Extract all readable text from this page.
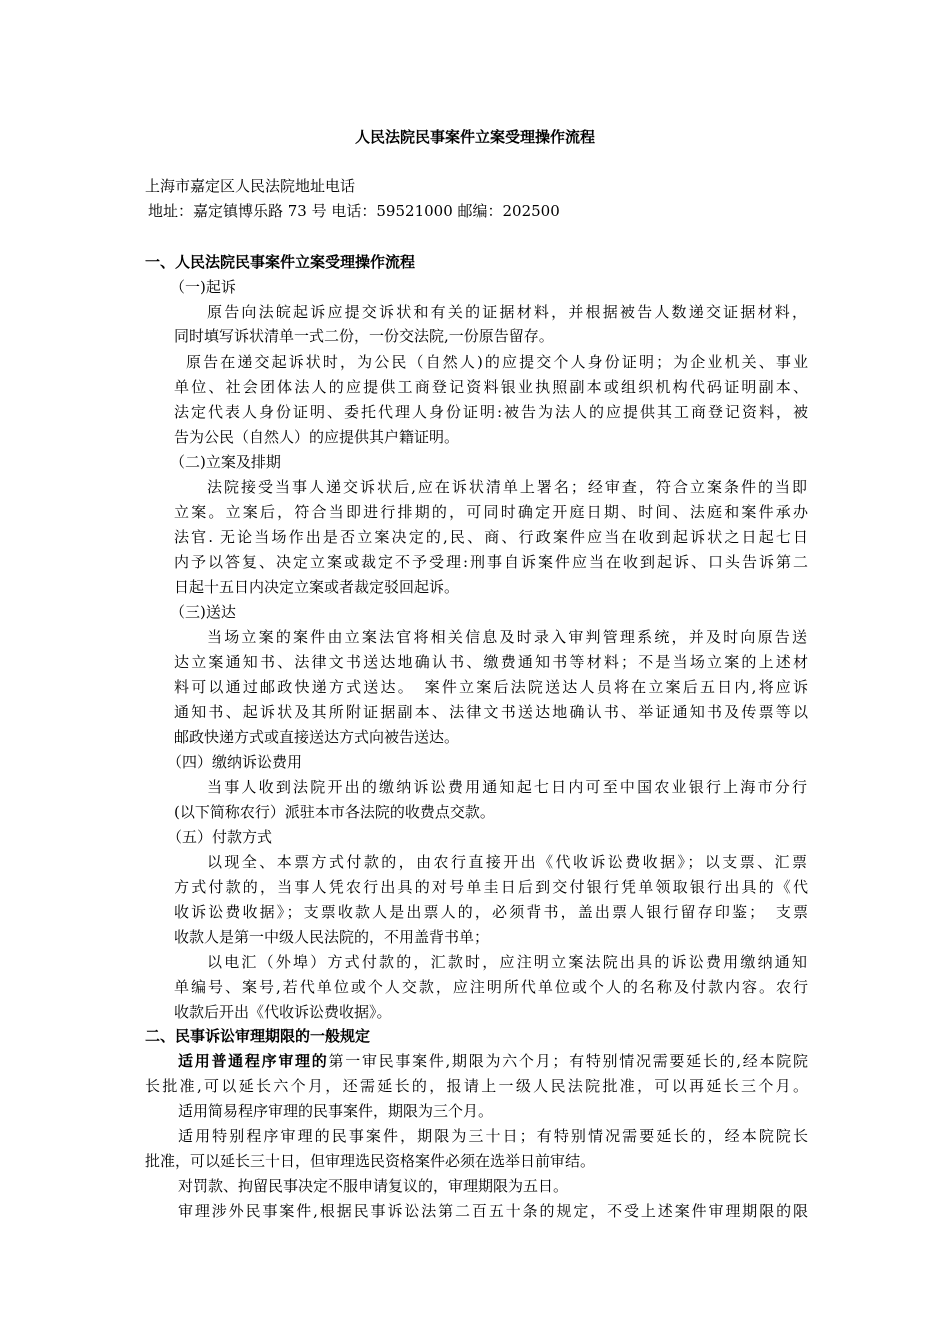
人民法院民事案件立案受理操作流程
上海市嘉定区人民法院地址电话
地址：嘉定镇博乐路 73 号 电话：59521000 邮编：202500
一、人民法院民事案件立案受理操作流程
（一)起诉
原告向法皖起诉应提交诉状和有关的证据材料，并根据被告人数递交证据材料，
同时填写诉状清单一式二份，一份交法院,一份原告留存。
原告在递交起诉状时，为公民（自然人)的应提交个人身份证明；为企业机关、事业
单位、社会团体法人的应提供工商登记资料银业执照副本或组织机构代码证明副本、
法定代表人身份证明、委托代理人身份证明:被告为法人的应提供其工商登记资料，被
告为公民（自然人）的应提供其户籍证明。
（二)立案及排期
法院接受当事人递交诉状后,应在诉状清单上署名；经审查，符合立案条件的当即
立案。立案后，符合当即进行排期的，可同时确定开庭日期、时间、法庭和案件承办
法官. 无论当场作出是否立案决定的,民、商、行政案件应当在收到起诉状之日起七日
内予以答复、决定立案或裁定不予受理:刑事自诉案件应当在收到起诉、口头告诉第二
日起十五日内决定立案或者裁定驳回起诉。
（三)送达
当场立案的案件由立案法官将相关信息及时录入审判管理系统，并及时向原告送
达立案通知书、法律文书送达地确认书、缴费通知书等材料；不是当场立案的上述材
料可以通过邮政快递方式送达。　案件立案后法院送达人员将在立案后五日内,将应诉
通知书、起诉状及其所附证据副本、法律文书送达地确认书、举证通知书及传票等以
邮政快递方式或直接送达方式向被告送达。
（四）缴纳诉讼费用
当事人收到法院开出的缴纳诉讼费用通知起七日内可至中国农业银行上海市分行
(以下简称农行）派驻本市各法院的收费点交款。
（五）付款方式
以现全、本票方式付款的，由农行直接开出《代收诉讼费收据》；以支票、汇票
方式付款的，当事人凭农行出具的对号单圭日后到交付银行凭单领取银行出具的《代
收诉讼费收据》；支票收款人是出票人的，必须背书，盖出票人银行留存印鉴；　支票
收款人是第一中级人民法院的，不用盖背书单；
以电汇（外埠）方式付款的，汇款时，应注明立案法院出具的诉讼费用缴纳通知
单编号、案号,若代单位或个人交款，应注明所代单位或个人的名称及付款内容。农行
收款后开出《代收诉讼费收据》。
二、民事诉讼审理期限的一般规定
适用普通程序审理的第一审民事案件,期限为六个月；有特别情况需要延长的,经本院院
长批准,可以延长六个月，还需延长的，报请上一级人民法院批准，可以再延长三个月。
适用简易程序审理的民事案件，期限为三个月。
适用特别程序审理的民事案件，期限为三十日；有特别情况需要延长的，经本院院长
批准，可以延长三十日，但审理选民资格案件必须在选举日前审结。
对罚款、拘留民事决定不服申请复议的，审理期限为五日。
审理涉外民事案件,根据民事诉讼法第二百五十条的规定，不受上述案件审理期限的限
